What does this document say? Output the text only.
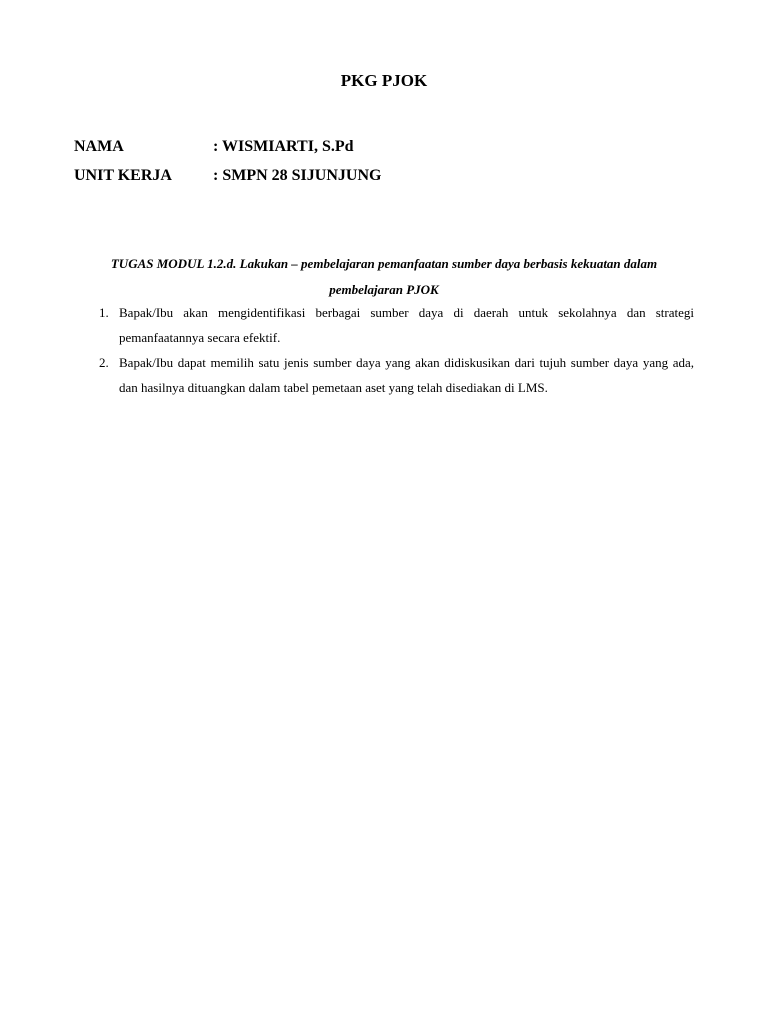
PKG PJOK
NAMA	: WISMIARTI, S.Pd
UNIT KERJA	: SMPN 28 SIJUNJUNG
TUGAS MODUL 1.2.d. Lakukan – pembelajaran pemanfaatan sumber daya berbasis kekuatan dalam pembelajaran PJOK
1. Bapak/Ibu akan mengidentifikasi berbagai sumber daya di daerah untuk sekolahnya dan strategi pemanfaatannya secara efektif.
2. Bapak/Ibu dapat memilih satu jenis sumber daya yang akan didiskusikan dari tujuh sumber daya yang ada, dan hasilnya dituangkan dalam tabel pemetaan aset yang telah disediakan di LMS.
